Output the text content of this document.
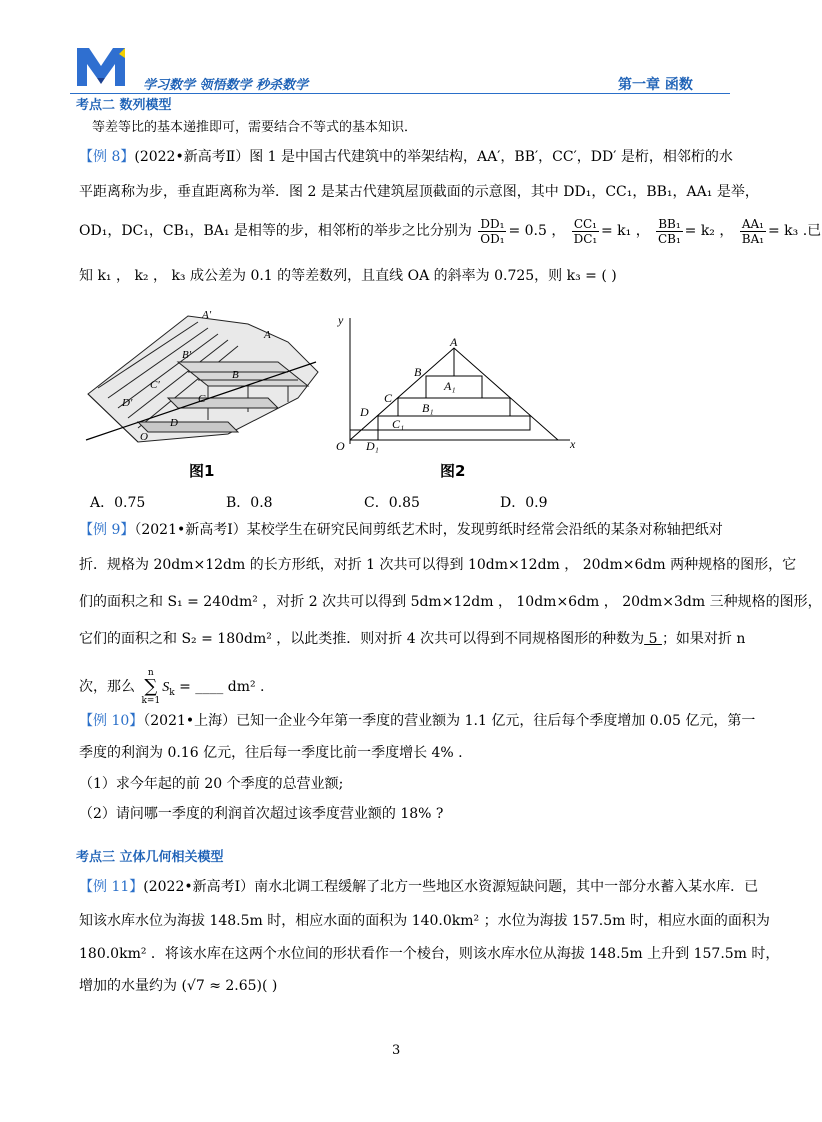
学习数学 领悟数学 秒杀数学	第一章 函数
考点二 数列模型
等差等比的基本递推即可，需要结合不等式的基本知识．
【例 8】(2022•新高考Ⅱ）图 1 是中国古代建筑中的举架结构，AA′，BB′，CC′，DD′ 是桁，相邻桁的水
平距离称为步，垂直距离称为举．图 2 是某古代建筑屋顶截面的示意图，其中 DD₁，CC₁，BB₁，AA₁ 是举，
OD₁，DC₁，CB₁，BA₁ 是相等的步，相邻桁的举步之比分别为 $\frac{\text{DD₁}}{\text{OD₁}} = 0.5$ ， $\frac{\text{CC₁}}{\text{DC₁}} = k_1$ ， $\frac{\text{BB₁}}{\text{CB₁}} = k_2$ ， $\frac{\text{AA₁}}{\text{BA₁}} = k_3$ .已
知 k₁ ， k₂ ， k₃ 成公差为 0.1 的等差数列，且直线 OA 的斜率为 0.725，则 k₃ = ( )
A′
B′
C′
D′
A
B
C
D
O
y
x
O
A
A₁
B
B₁
C
C₁
D
D₁
图1	图2
A．0.75	B．0.8	C．0.85	D．0.9
【例 9】（2021•新高考Ⅰ）某校学生在研究民间剪纸艺术时，发现剪纸时经常会沿纸的某条对称轴把纸对
折．规格为 20dm×12dm 的长方形纸，对折 1 次共可以得到 10dm×12dm ， 20dm×6dm 两种规格的图形，它
们的面积之和 S₁ = 240dm² ，对折 2 次共可以得到 5dm×12dm ， 10dm×6dm ， 20dm×3dm 三种规格的图形，
它们的面积之和 S₂ = 180dm² ，以此类推．则对折 4 次共可以得到不同规格图形的种数为 5 ；如果对折 n
次，那么
n
∑
k=1
$S_k$ = ____ dm² .
【例 10】（2021•上海）已知一企业今年第一季度的营业额为 1.1 亿元，往后每个季度增加 0.05 亿元，第一
季度的利润为 0.16 亿元，往后每一季度比前一季度增长 4% .
（1）求今年起的前 20 个季度的总营业额;
（2）请问哪一季度的利润首次超过该季度营业额的 18% ?
考点三 立体几何相关模型
【例 11】(2022•新高考Ⅰ）南水北调工程缓解了北方一些地区水资源短缺问题，其中一部分水蓄入某水库．已
知该水库水位为海拔 148.5m 时，相应水面的面积为 140.0km² ；水位为海拔 157.5m 时，相应水面的面积为
180.0km² ．将该水库在这两个水位间的形状看作一个棱台，则该水库水位从海拔 148.5m 上升到 157.5m 时，
增加的水量约为 (√7 ≈ 2.65)( )
3
